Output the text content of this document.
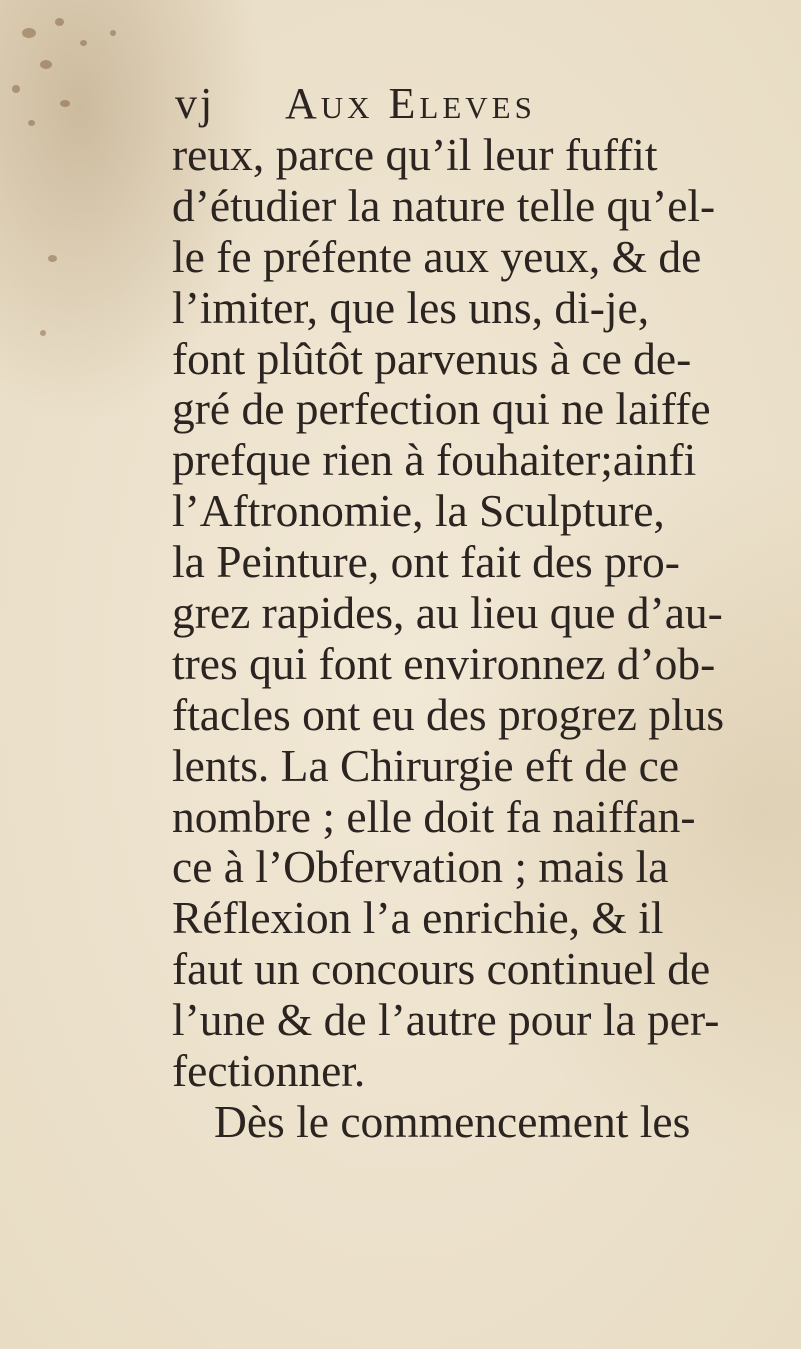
vj Aux Eleves
reux, parce qu’il leur fuffit
d’étudier la nature telle qu’el-
le fe préfente aux yeux, & de
l’imiter, que les uns, di-je,
font plûtôt parvenus à ce de-
gré de perfection qui ne laiffe
prefque rien à fouhaiter;ainfi
l’Aftronomie, la Sculpture,
la Peinture, ont fait des pro-
grez rapides, au lieu que d’au-
tres qui font environnez d’ob-
ftacles ont eu des progrez plus
lents. La Chirurgie eft de ce
nombre ; elle doit fa naiffan-
ce à l’Obfervation ; mais la
Réflexion l’a enrichie, & il
faut un concours continuel de
l’une & de l’autre pour la per-
fectionner.
Dès le commencement les
